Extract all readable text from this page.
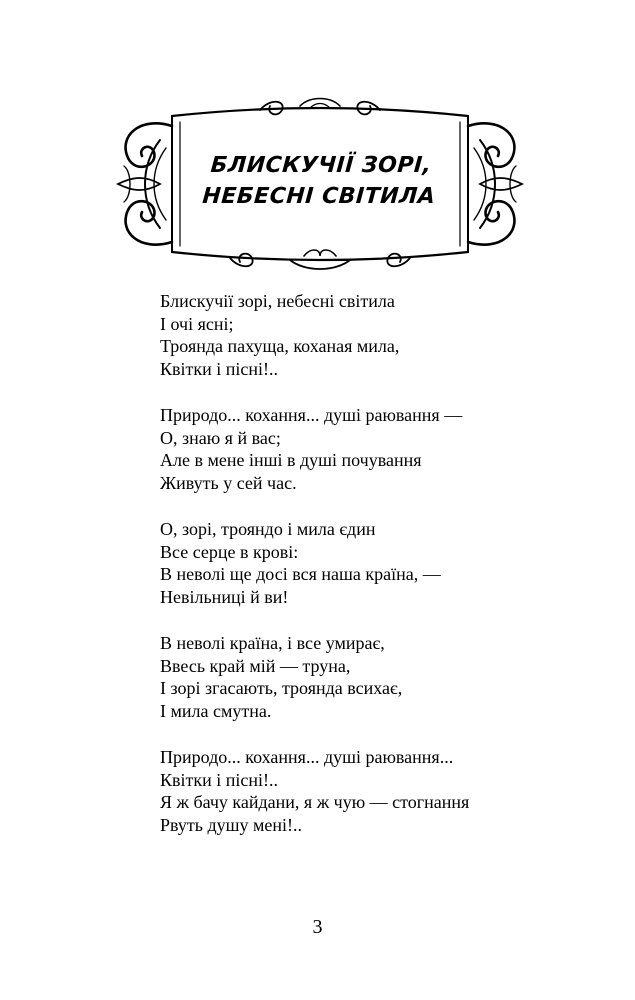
БЛИСКУЧІЇ ЗОРІ,
НЕБЕСНІ СВІТИЛА
Блискучії зорі, небесні світила
І очі ясні;
Троянда пахуща, коханая мила,
Квітки і пісні!..
Природо... кохання... душі раювання —
О, знаю я й вас;
Але в мене інші в душі почування
Живуть у сей час.
О, зорі, трояндо і мила єдин
Все серце в крові:
В неволі ще досі вся наша країна, —
Невільниці й ви!
В неволі країна, і все умирає,
Ввесь край мій — труна,
І зорі згасають, троянда всихає,
І мила смутна.
Природо... кохання... душі раювання...
Квітки і пісні!..
Я ж бачу кайдани, я ж чую — стогнання
Рвуть душу мені!..
3
